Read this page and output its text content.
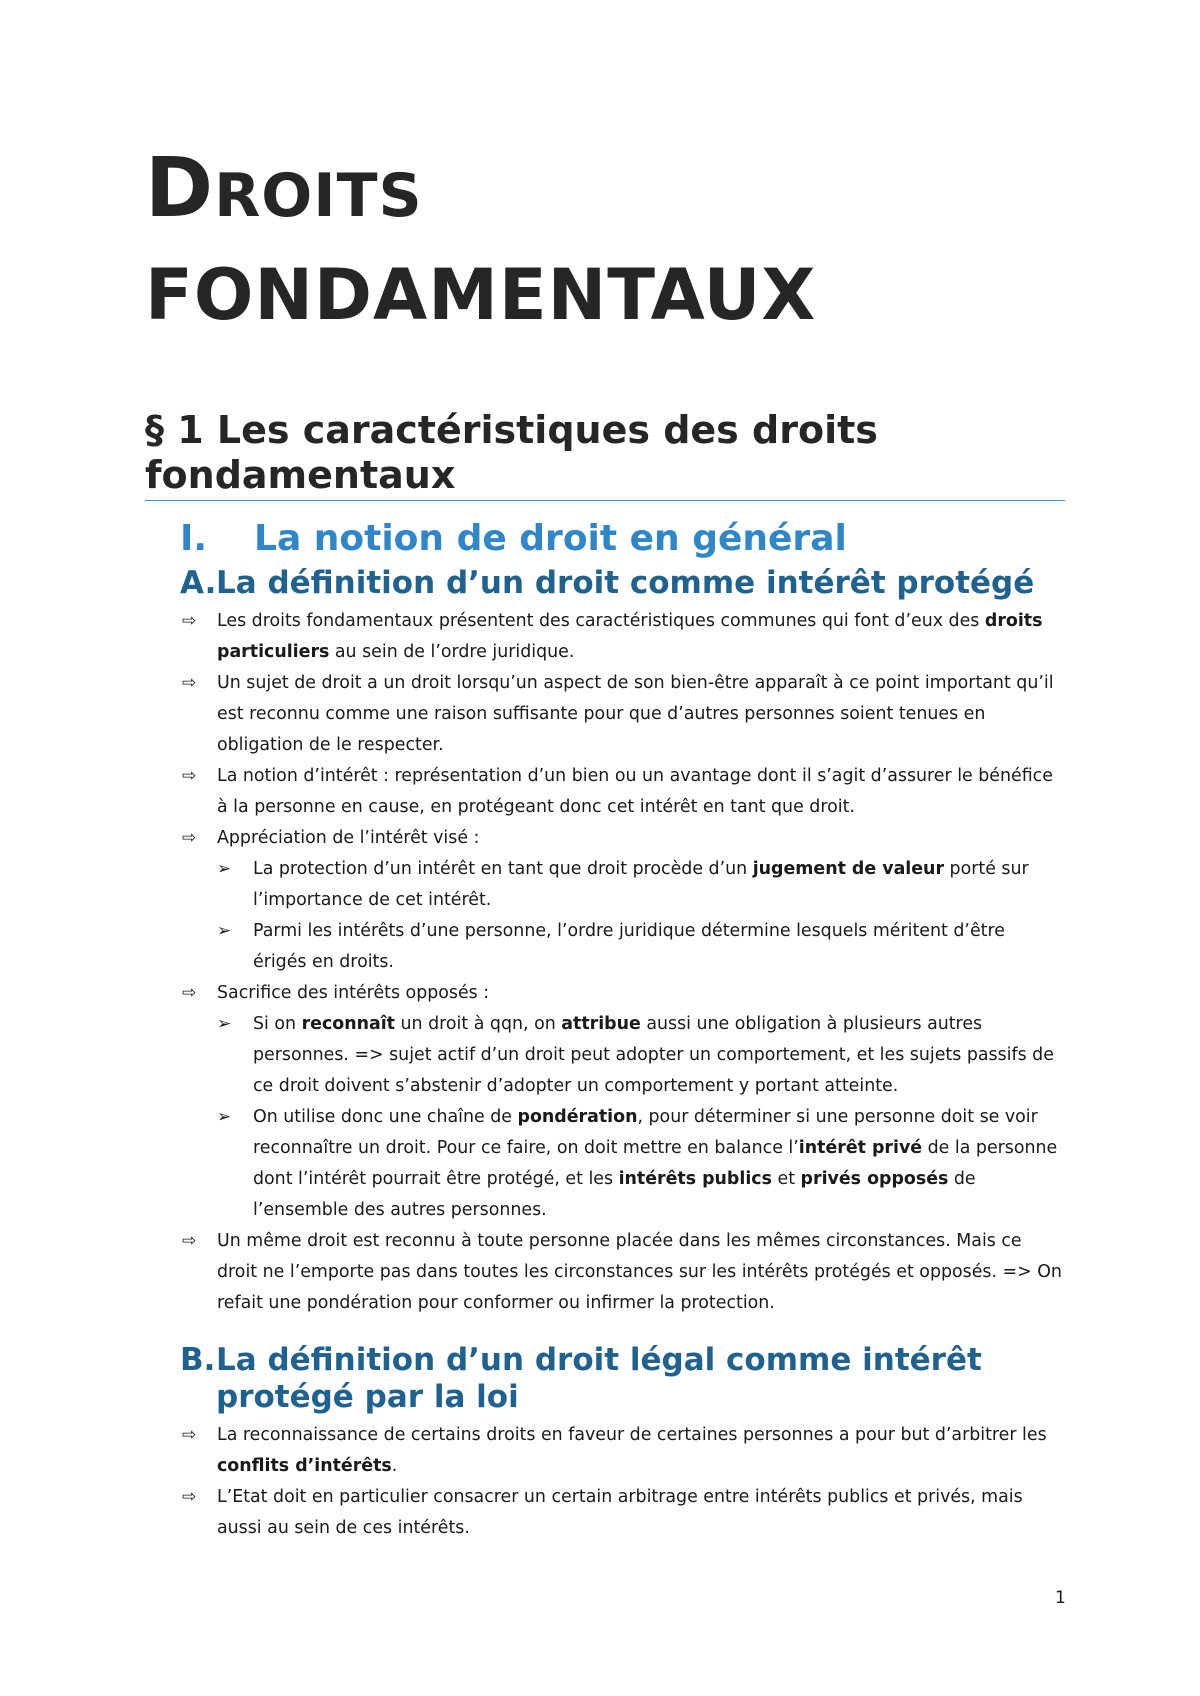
DROITS
FONDAMENTAUX
§ 1 Les caractéristiques des droits fondamentaux
I. La notion de droit en général
A.La définition d’un droit comme intérêt protégé
⇨	Les droits fondamentaux présentent des caractéristiques communes qui font d’eux des droits particuliers au sein de l’ordre juridique.
⇨	Un sujet de droit a un droit lorsqu’un aspect de son bien-être apparaît à ce point important qu’il est reconnu comme une raison suffisante pour que d’autres personnes soient tenues en obligation de le respecter.
⇨	La notion d’intérêt : représentation d’un bien ou un avantage dont il s’agit d’assurer le bénéfice à la personne en cause, en protégeant donc cet intérêt en tant que droit.
⇨	Appréciation de l’intérêt visé :
➢	La protection d’un intérêt en tant que droit procède d’un jugement de valeur porté sur l’importance de cet intérêt.
➢	Parmi les intérêts d’une personne, l’ordre juridique détermine lesquels méritent d’être érigés en droits.
⇨	Sacrifice des intérêts opposés :
➢	Si on reconnaît un droit à qqn, on attribue aussi une obligation à plusieurs autres personnes. => sujet actif d’un droit peut adopter un comportement, et les sujets passifs de ce droit doivent s’abstenir d’adopter un comportement y portant atteinte.
➢	On utilise donc une chaîne de pondération, pour déterminer si une personne doit se voir reconnaître un droit. Pour ce faire, on doit mettre en balance l’intérêt privé de la personne dont l’intérêt pourrait être protégé, et les intérêts publics et privés opposés de l’ensemble des autres personnes.
⇨	Un même droit est reconnu à toute personne placée dans les mêmes circonstances. Mais ce droit ne l’emporte pas dans toutes les circonstances sur les intérêts protégés et opposés. => On refait une pondération pour conformer ou infirmer la protection.
B.La définition d’un droit légal comme intérêt protégé par la loi
⇨	La reconnaissance de certains droits en faveur de certaines personnes a pour but d’arbitrer les conflits d’intérêts.
⇨	L’Etat doit en particulier consacrer un certain arbitrage entre intérêts publics et privés, mais aussi au sein de ces intérêts.
1
